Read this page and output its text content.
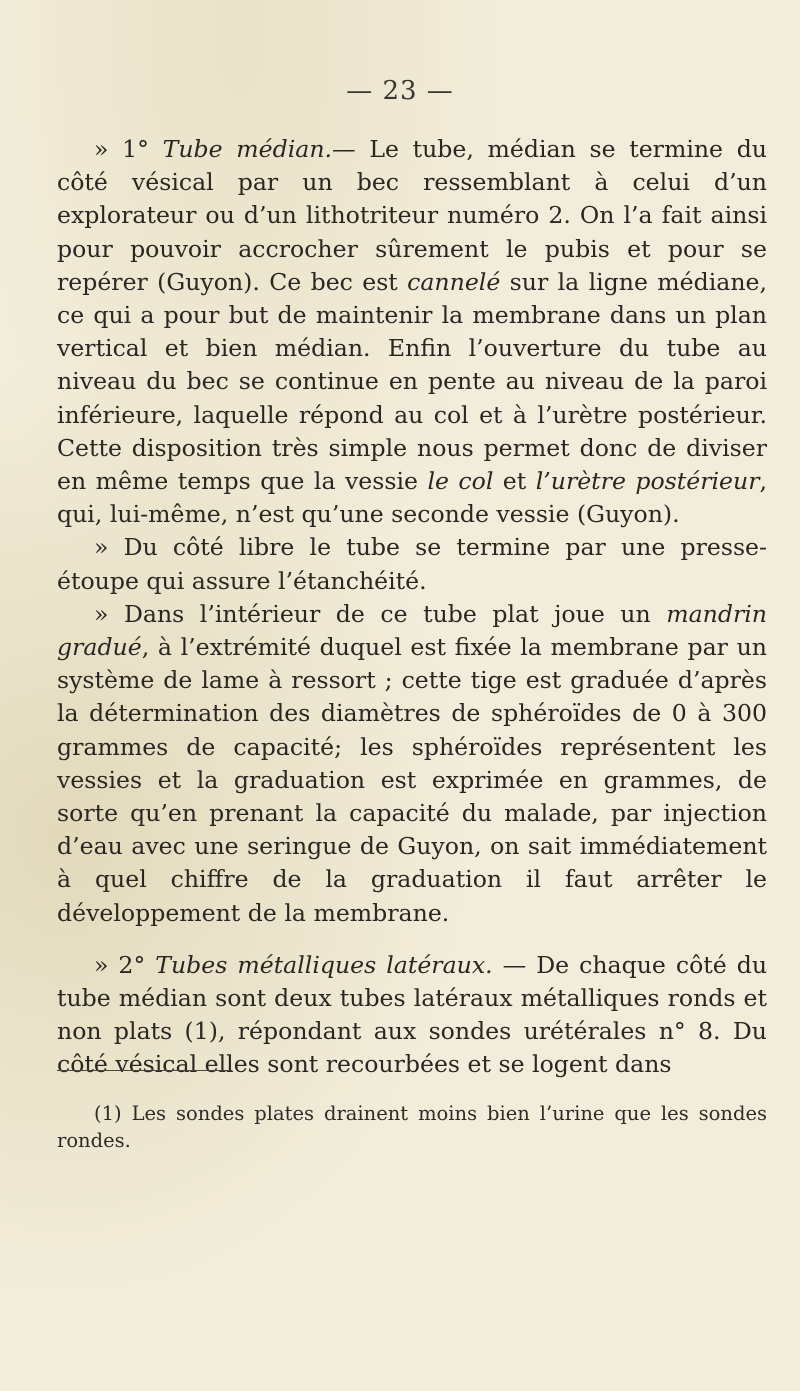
— 23 —

» 1° Tube médian.— Le tube, médian se termine du côté vésical par un bec ressemblant à celui d’un explorateur ou d’un lithotriteur numéro 2. On l’a fait ainsi pour pouvoir accrocher sûrement le pubis et pour se repérer (Guyon). Ce bec est cannelé sur la ligne médiane, ce qui a pour but de maintenir la membrane dans un plan vertical et bien médian. Enfin l’ouverture du tube au niveau du bec se continue en pente au niveau de la paroi inférieure, laquelle répond au col et à l’urètre postérieur. Cette disposition très simple nous permet donc de diviser en même temps que la vessie le col et l’urètre postérieur, qui, lui-même, n’est qu’une seconde vessie (Guyon).

» Du côté libre le tube se termine par une presse-étoupe qui assure l’étanchéité.

» Dans l’intérieur de ce tube plat joue un mandrin gradué, à l’extrémité duquel est fixée la membrane par un système de lame à ressort ; cette tige est graduée d’après la détermination des diamètres de sphéroïdes de 0 à 300 grammes de capacité; les sphéroïdes représentent les vessies et la graduation est exprimée en grammes, de sorte qu’en prenant la capacité du malade, par injection d’eau avec une seringue de Guyon, on sait immédiatement à quel chiffre de la graduation il faut arrêter le développement de la membrane.

» 2° Tubes métalliques latéraux. — De chaque côté du tube médian sont deux tubes latéraux métalliques ronds et non plats (1), répondant aux sondes urétérales n° 8. Du côté vésical elles sont recourbées et se logent dans

(1) Les sondes plates drainent moins bien l’urine que les sondes rondes.
